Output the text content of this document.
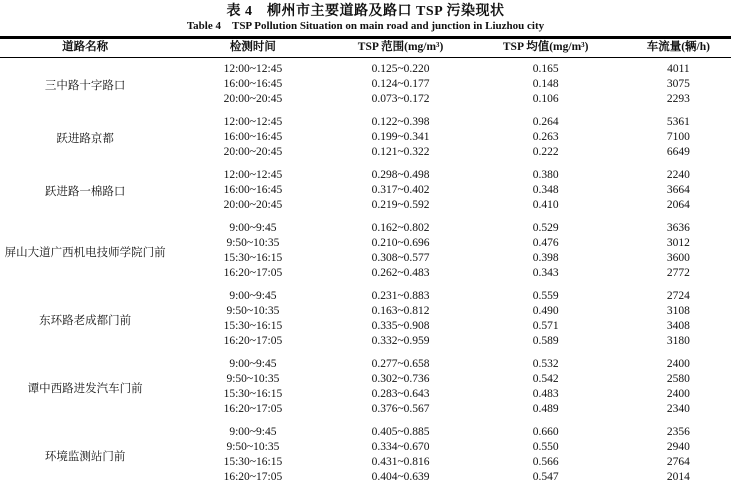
表 4　柳州市主要道路及路口 TSP 污染现状
Table 4　TSP Pollution Situation on main road and junction in Liuzhou city
道路名称	检测时间	TSP 范围(mg/m³)	TSP 均值(mg/m³)	车流量(辆/h)
三中路十字路口	12:00~12:45	0.125~0.220	0.165	4011
	16:00~16:45	0.124~0.177	0.148	3075
	20:00~20:45	0.073~0.172	0.106	2293
跃进路京都	12:00~12:45	0.122~0.398	0.264	5361
	16:00~16:45	0.199~0.341	0.263	7100
	20:00~20:45	0.121~0.322	0.222	6649
跃进路一棉路口	12:00~12:45	0.298~0.498	0.380	2240
	16:00~16:45	0.317~0.402	0.348	3664
	20:00~20:45	0.219~0.592	0.410	2064
屏山大道广西机电技师学院门前	9:00~9:45	0.162~0.802	0.529	3636
	9:50~10:35	0.210~0.696	0.476	3012
	15:30~16:15	0.308~0.577	0.398	3600
	16:20~17:05	0.262~0.483	0.343	2772
东环路老成都门前	9:00~9:45	0.231~0.883	0.559	2724
	9:50~10:35	0.163~0.812	0.490	3108
	15:30~16:15	0.335~0.908	0.571	3408
	16:20~17:05	0.332~0.959	0.589	3180
谭中西路进发汽车门前	9:00~9:45	0.277~0.658	0.532	2400
	9:50~10:35	0.302~0.736	0.542	2580
	15:30~16:15	0.283~0.643	0.483	2400
	16:20~17:05	0.376~0.567	0.489	2340
环境监测站门前	9:00~9:45	0.405~0.885	0.660	2356
	9:50~10:35	0.334~0.670	0.550	2940
	15:30~16:15	0.431~0.816	0.566	2764
	16:20~17:05	0.404~0.639	0.547	2014
